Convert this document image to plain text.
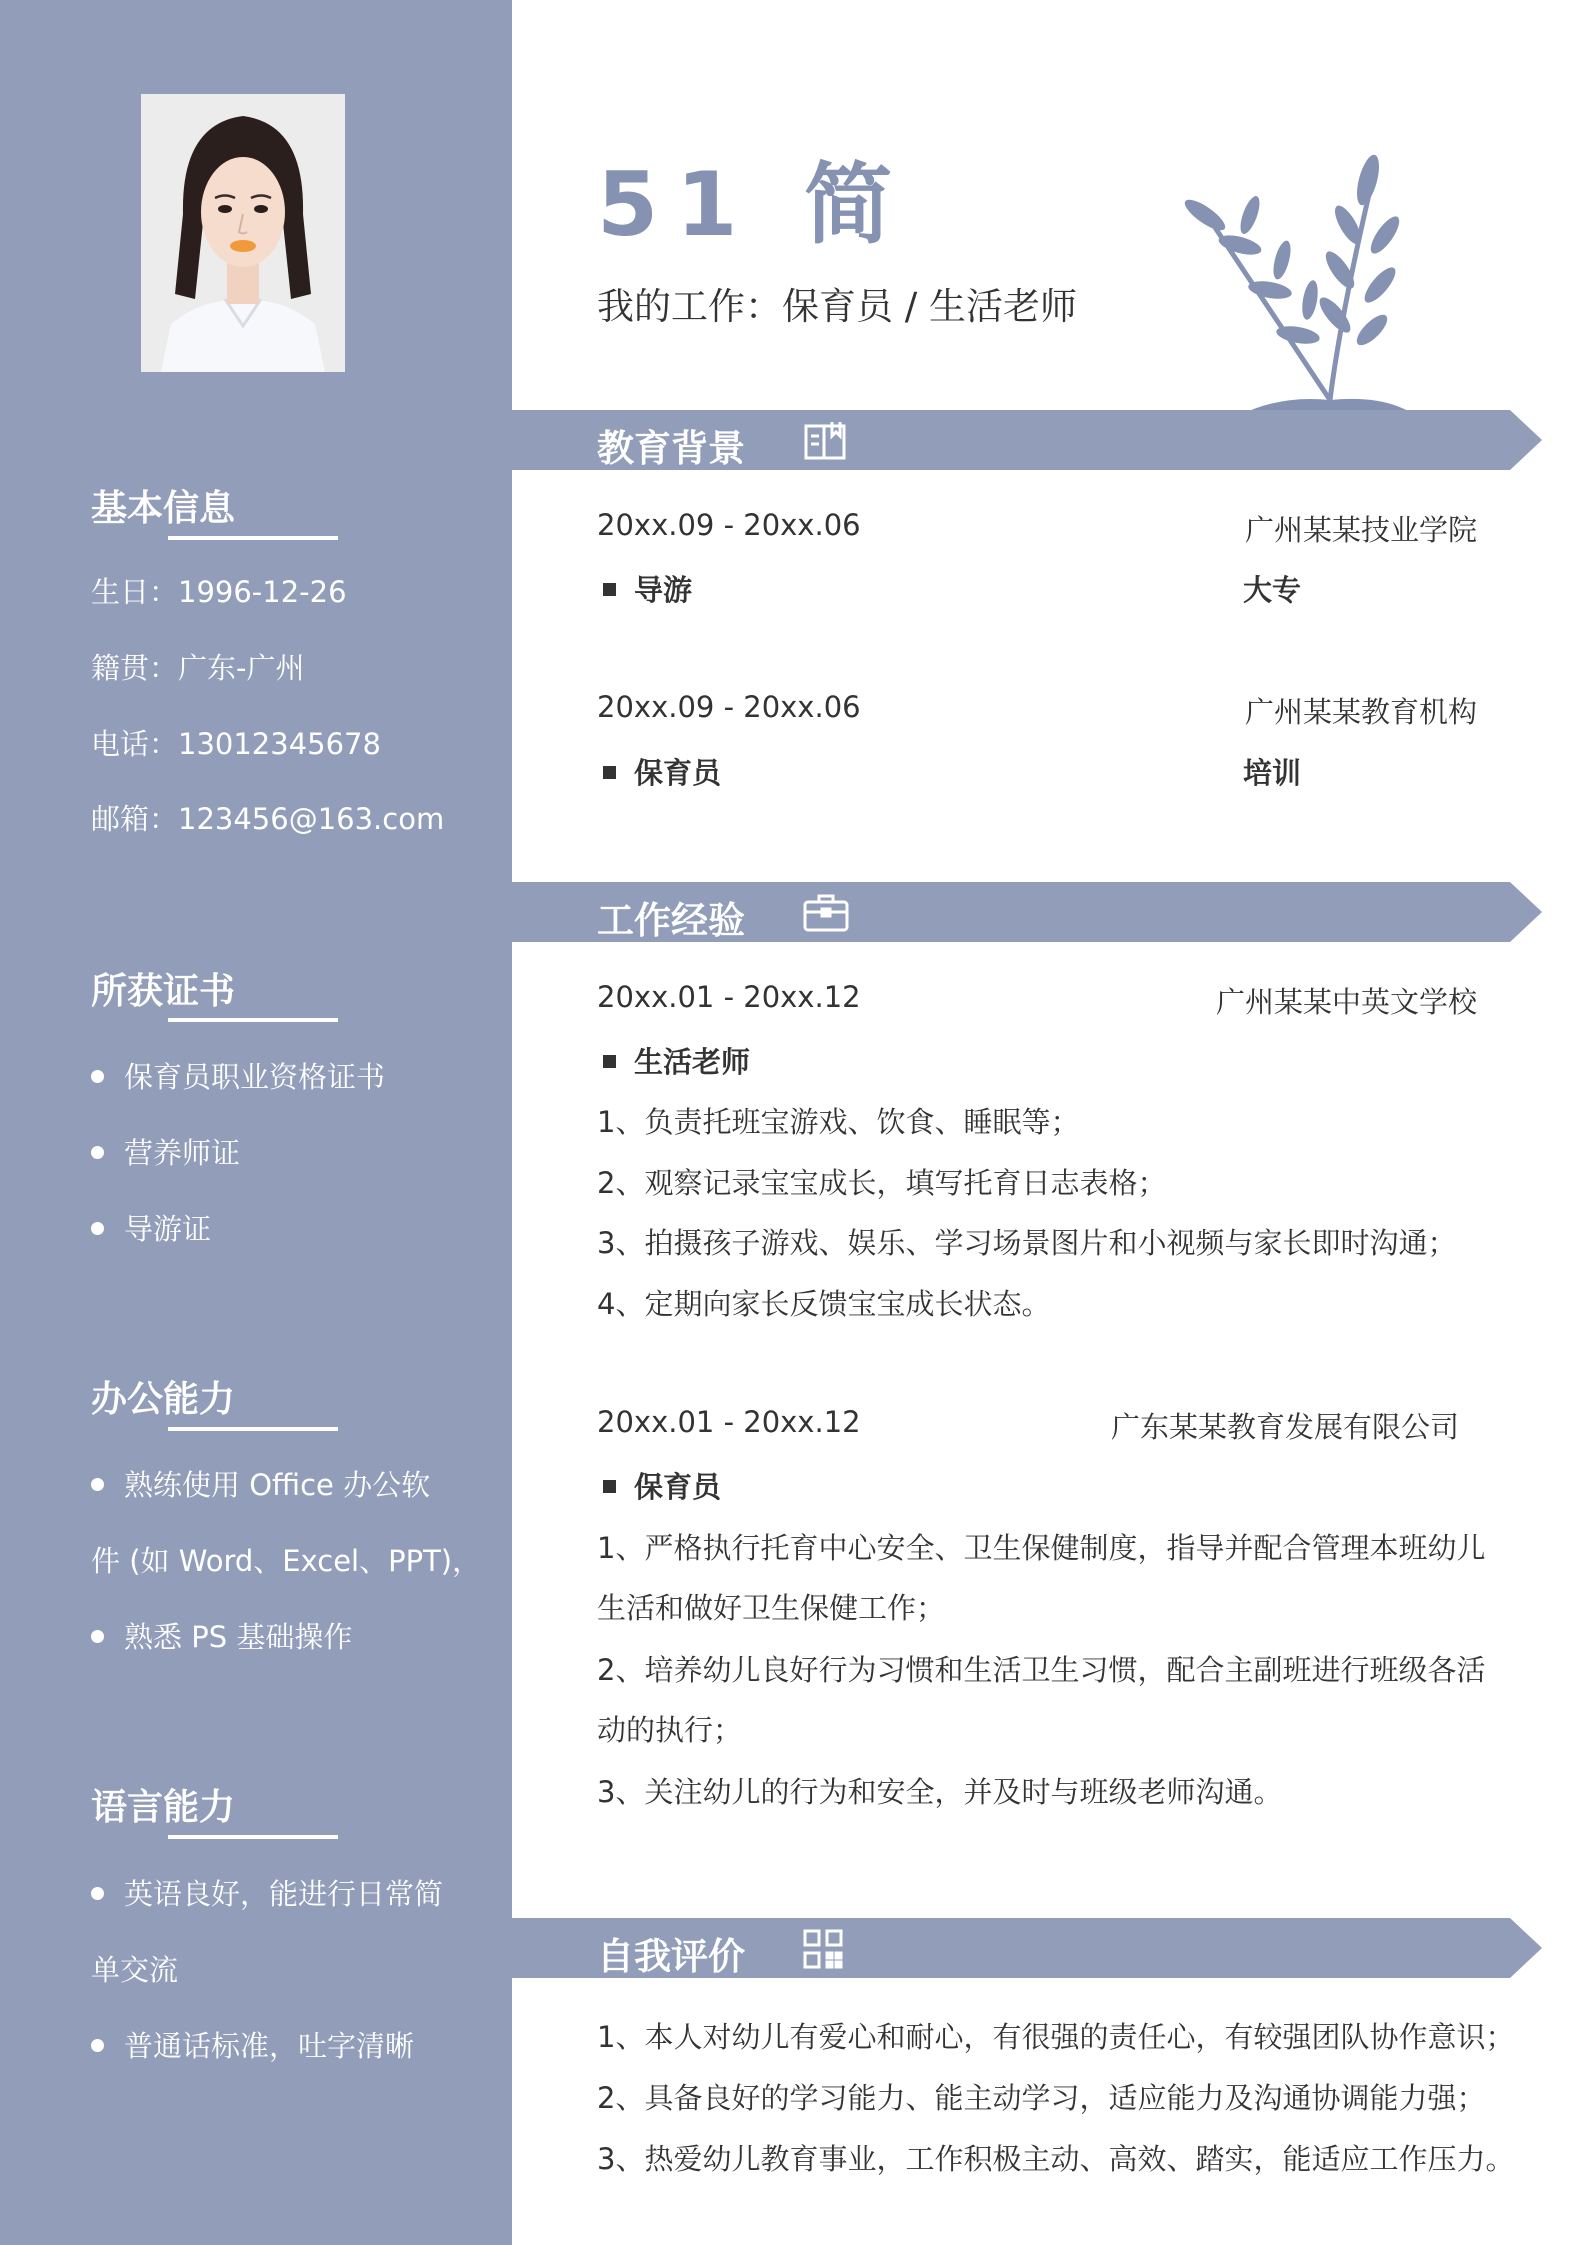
基本信息
生日：1996-12-26
籍贯：广东-广州
电话：13012345678
邮箱：123456@163.com
所获证书
保育员职业资格证书
营养师证
导游证
办公能力
熟练使用 Office 办公软
件 (如 Word、Excel、PPT)，
熟悉 PS 基础操作
语言能力
英语良好，能进行日常简
单交流
普通话标准，吐字清晰
51 简
我的工作：保育员 / 生活老师
教育背景
20xx.09 - 20xx.06	广州某某技业学院
导游	大专
20xx.09 - 20xx.06	广州某某教育机构
保育员	培训
工作经验
20xx.01 - 20xx.12	广州某某中英文学校
生活老师
1、负责托班宝游戏、饮食、睡眠等；
2、观察记录宝宝成长，填写托育日志表格；
3、拍摄孩子游戏、娱乐、学习场景图片和小视频与家长即时沟通；
4、定期向家长反馈宝宝成长状态。
20xx.01 - 20xx.12	广东某某教育发展有限公司
保育员
1、严格执行托育中心安全、卫生保健制度，指导并配合管理本班幼儿生活和做好卫生保健工作；
2、培养幼儿良好行为习惯和生活卫生习惯，配合主副班进行班级各活动的执行；
3、关注幼儿的行为和安全，并及时与班级老师沟通。
自我评价
1、本人对幼儿有爱心和耐心，有很强的责任心，有较强团队协作意识；
2、具备良好的学习能力、能主动学习，适应能力及沟通协调能力强；
3、热爱幼儿教育事业，工作积极主动、高效、踏实，能适应工作压力。
